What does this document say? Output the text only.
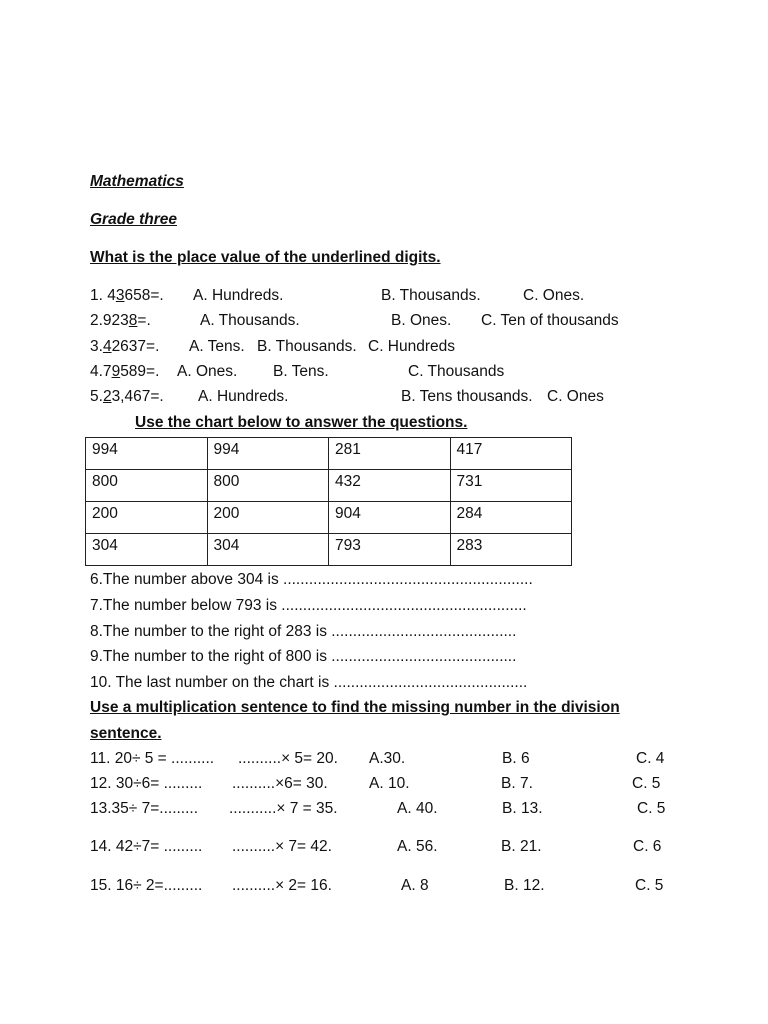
Mathematics
Grade three
What is the place value of the underlined digits.
1. 43658=. A. Hundreds.	B. Thousands.	C. Ones.
2.9238=.	A. Thousands.	B. Ones. C. Ten of thousands
3.42637=. A. Tens. B. Thousands. C. Hundreds
4.79589=. A. Ones. B. Tens.	C. Thousands
5.23,467=. A. Hundreds.	B. Tens thousands. C. Ones
Use the chart below to answer the questions.
994	994	281	417
800	800	432	731
200	200	904	284
304	304	793	283
6.The number above 304 is ..........................................................
7.The number below 793 is .........................................................
8.The number to the right of 283 is ...........................................
9.The number to the right of 800 is ...........................................
10. The last number on the chart is .............................................
Use a multiplication sentence to find the missing number in the division
sentence.
11. 20÷ 5 = .......... ..........× 5= 20. A.30.	B. 6	C. 4
12. 30÷6= ......... ..........×6= 30.	A. 10.	B. 7.	C. 5
13.35÷ 7=......... ...........× 7 = 35.	A. 40.	B. 13.	C. 5
14. 42÷7= ......... ..........× 7= 42.	A. 56.	B. 21.	C. 6
15. 16÷ 2=......... ..........× 2= 16.	A. 8	B. 12.	C. 5
